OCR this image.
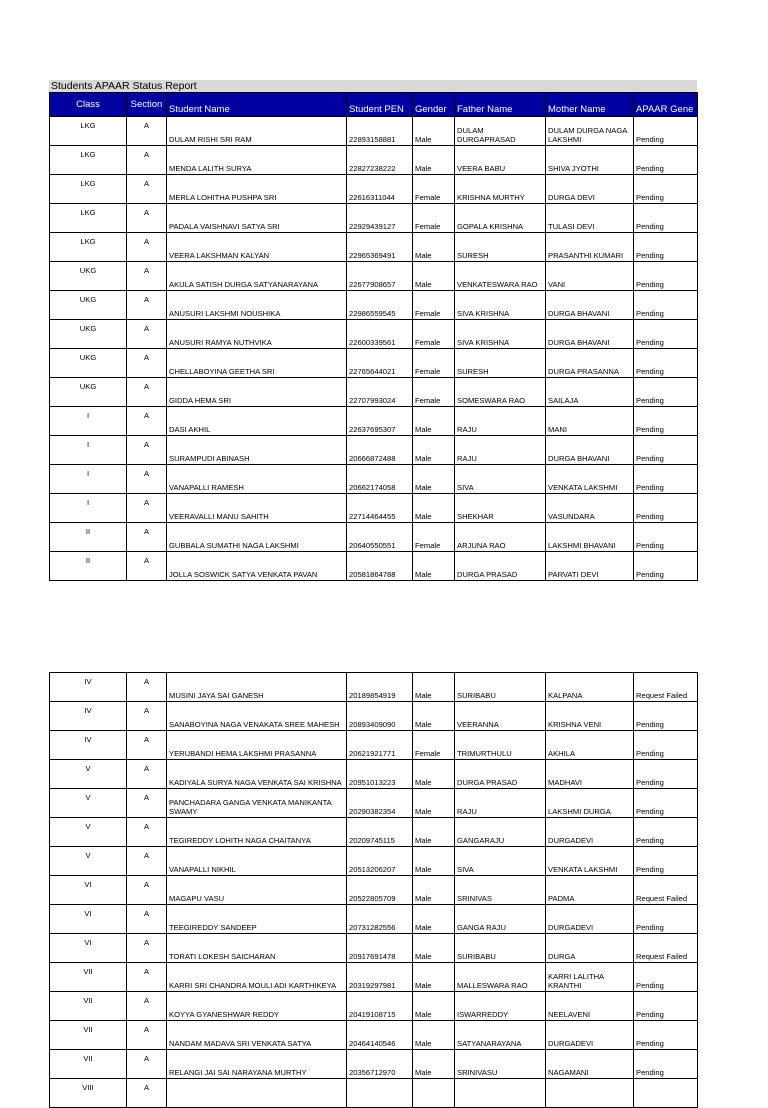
Students APAAR Status Report
Class	Section	Student Name	Student PEN	Gender	Father Name	Mother Name	APAAR Gene
LKG	A	DULAM RISHI SRI RAM	22893158881	Male	DULAM DURGAPRASAD	DULAM DURGA NAGA LAKSHMI	Pending
LKG	A	MENDA LALITH SURYA	22827238222	Male	VEERA BABU	SHIVA JYOTHI	Pending
LKG	A	MERLA LOHITHA PUSHPA SRI	22616311044	Female	KRISHNA MURTHY	DURGA DEVI	Pending
LKG	A	PADALA VAISHNAVI SATYA SRI	22929439127	Female	GOPALA KRISHNA	TULASI DEVI	Pending
LKG	A	VEERA LAKSHMAN KALYAN	22965369491	Male	SURESH	PRASANTHI KUMARI	Pending
UKG	A	AKULA SATISH DURGA SATYANARAYANA	22677908657	Male	VENKATESWARA RAO	VANI	Pending
UKG	A	ANUSURI LAKSHMI NOUSHIKA	22986559545	Female	SIVA KRISHNA	DURGA BHAVANI	Pending
UKG	A	ANUSURI RAMYA NUTHVIKA	22600339561	Female	SIVA KRISHNA	DURGA BHAVANI	Pending
UKG	A	CHELLABOYINA GEETHA SRI	22765644021	Female	SURESH	DURGA PRASANNA	Pending
UKG	A	GIDDA HEMA SRI	22707993024	Female	SOMESWARA RAO	SAILAJA	Pending
I	A	DASI AKHIL	22637695307	Male	RAJU	MANI	Pending
I	A	SURAMPUDI ABINASH	20666872488	Male	RAJU	DURGA BHAVANI	Pending
I	A	VANAPALLI RAMESH	20662174058	Male	SIVA	VENKATA LAKSHMI	Pending
I	A	VEERAVALLI MANU SAHITH	22714464455	Male	SHEKHAR	VASUNDARA	Pending
II	A	GUBBALA SUMATHI NAGA LAKSHMI	20640550551	Female	ARJUNA RAO	LAKSHMI BHAVANI	Pending
II	A	JOLLA SOSWICK SATYA VENKATA PAVAN	20581864788	Male	DURGA PRASAD	PARVATI DEVI	Pending
IV	A	MUSINI JAYA SAI GANESH	20189854919	Male	SURIBABU	KALPANA	Request Failed
IV	A	SANABOYINA NAGA VENAKATA SREE MAHESH	20893409090	Male	VEERANNA	KRISHNA VENI	Pending
IV	A	YERUBANDI HEMA LAKSHMI PRASANNA	20621921771	Female	TRIMURTHULU	AKHILA	Pending
V	A	KADIYALA SURYA NAGA VENKATA SAI KRISHNA	20951013223	Male	DURGA PRASAD	MADHAVI	Pending
V	A	PANCHADARA GANGA VENKATA MANIKANTA SWAMY	20290382354	Male	RAJU	LAKSHMI DURGA	Pending
V	A	TEGIREDDY LOHITH NAGA CHAITANYA	20209745115	Male	GANGARAJU	DURGADEVI	Pending
V	A	VANAPALLI NIKHIL	20513206207	Male	SIVA	VENKATA LAKSHMI	Pending
VI	A	MAGAPU VASU	20522805709	Male	SRINIVAS	PADMA	Request Failed
VI	A	TEEGIREDDY SANDEEP	20731282556	Male	GANGA RAJU	DURGADEVI	Pending
VI	A	TORATI LOKESH SAICHARAN	20917691478	Male	SURIBABU	DURGA	Request Failed
VII	A	KARRI SRI CHANDRA MOULI ADI KARTHIKEYA	20319297981	Male	MALLESWARA RAO	KARRI LALITHA KRANTHI	Pending
VII	A	KOYYA GYANESHWAR REDDY	20419108715	Male	ISWARREDDY	NEELAVENI	Pending
VII	A	NANDAM MADAVA SRI VENKATA SATYA	20464140546	Male	SATYANARAYANA	DURGADEVI	Pending
VII	A	RELANGI JAI SAI NARAYANA MURTHY	20356712970	Male	SRINIVASU	NAGAMANI	Pending
VIII	A						
